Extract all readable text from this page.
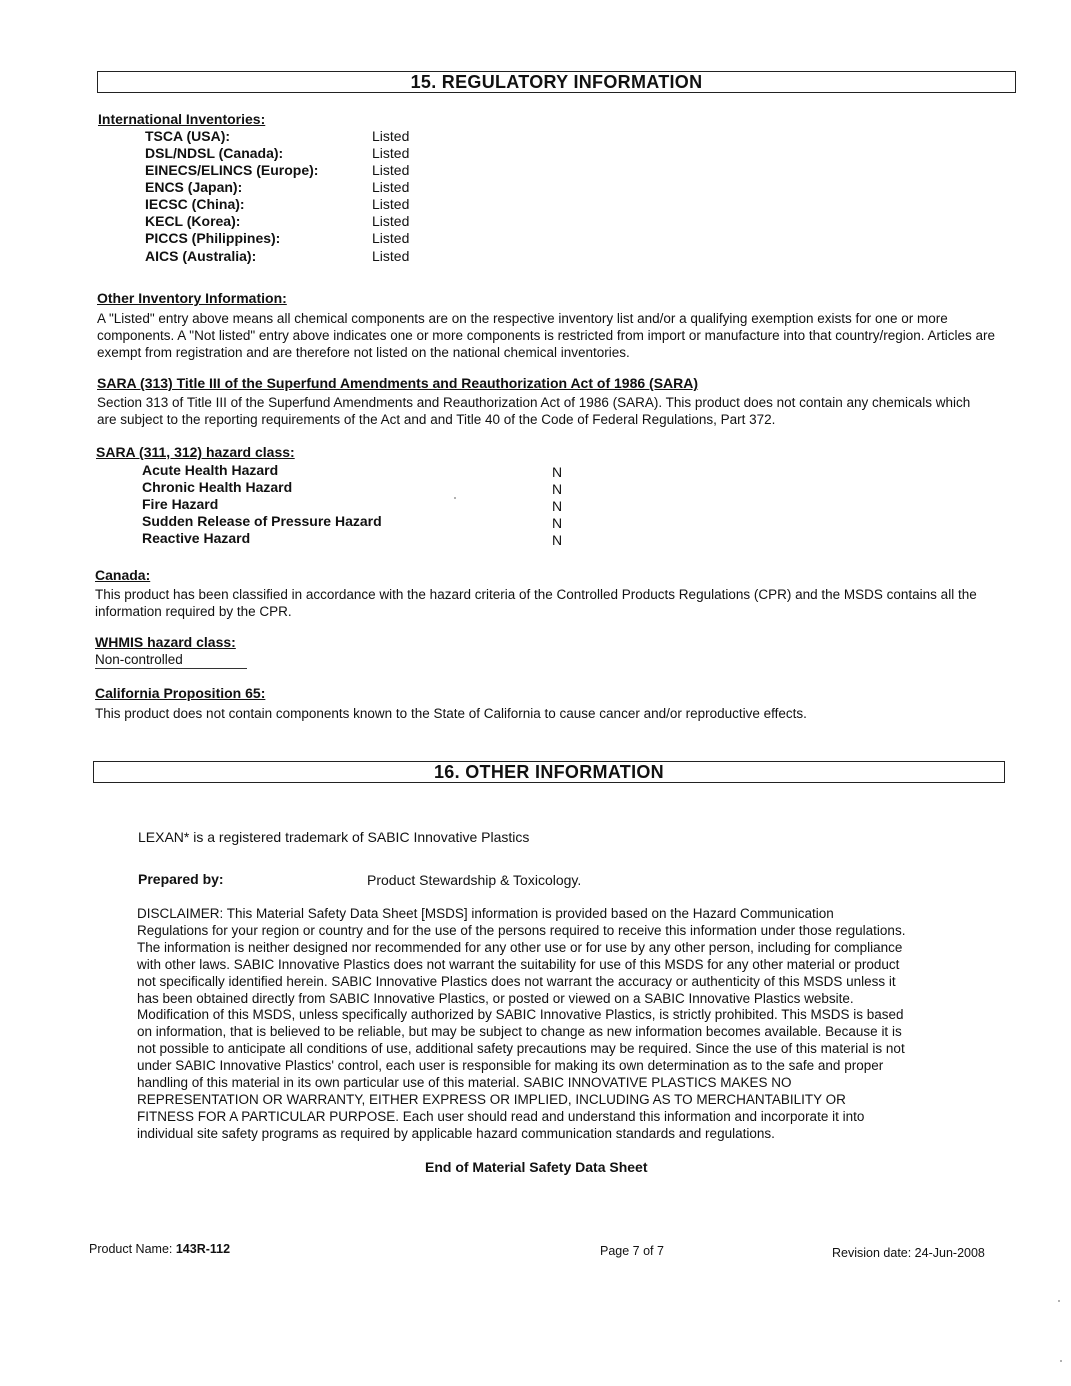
15. REGULATORY INFORMATION
International Inventories:
TSCA (USA):	Listed
DSL/NDSL (Canada):	Listed
EINECS/ELINCS (Europe):	Listed
ENCS (Japan):	Listed
IECSC (China):	Listed
KECL (Korea):	Listed
PICCS (Philippines):	Listed
AICS (Australia):	Listed
Other Inventory Information:
A "Listed" entry above means all chemical components are on the respective inventory list and/or a qualifying exemption exists for one or more components. A "Not listed" entry above indicates one or more components is restricted from import or manufacture into that country/region. Articles are exempt from registration and are therefore not listed on the national chemical inventories.
SARA (313) Title III of the Superfund Amendments and Reauthorization Act of 1986 (SARA)
Section 313 of Title III of the Superfund Amendments and Reauthorization Act of 1986 (SARA). This product does not contain any chemicals which are subject to the reporting requirements of the Act and and Title 40 of the Code of Federal Regulations, Part 372.
SARA (311, 312) hazard class:
Acute Health Hazard	N
Chronic Health Hazard	N
Fire Hazard	N
Sudden Release of Pressure Hazard	N
Reactive Hazard	N
Canada:
This product has been classified in accordance with the hazard criteria of the Controlled Products Regulations (CPR) and the MSDS contains all the information required by the CPR.
WHMIS hazard class:
Non-controlled
California Proposition 65:
This product does not contain components known to the State of California to cause cancer and/or reproductive effects.
16. OTHER INFORMATION
LEXAN* is a registered trademark of SABIC Innovative Plastics
Prepared by:	Product Stewardship & Toxicology.
DISCLAIMER: This Material Safety Data Sheet [MSDS] information is provided based on the Hazard Communication
Regulations for your region or country and for the use of the persons required to receive this information under those regulations.
The information is neither designed nor recommended for any other use or for use by any other person, including for compliance
with other laws. SABIC Innovative Plastics does not warrant the suitability for use of this MSDS for any other material or product
not specifically identified herein. SABIC Innovative Plastics does not warrant the accuracy or authenticity of this MSDS unless it
has been obtained directly from SABIC Innovative Plastics, or posted or viewed on a SABIC Innovative Plastics website.
Modification of this MSDS, unless specifically authorized by SABIC Innovative Plastics, is strictly prohibited. This MSDS is based
on information, that is believed to be reliable, but may be subject to change as new information becomes available. Because it is
not possible to anticipate all conditions of use, additional safety precautions may be required. Since the use of this material is not
under SABIC Innovative Plastics' control, each user is responsible for making its own determination as to the safe and proper
handling of this material in its own particular use of this material. SABIC INNOVATIVE PLASTICS MAKES NO
REPRESENTATION OR WARRANTY, EITHER EXPRESS OR IMPLIED, INCLUDING AS TO MERCHANTABILITY OR
FITNESS FOR A PARTICULAR PURPOSE. Each user should read and understand this information and incorporate it into
individual site safety programs as required by applicable hazard communication standards and regulations.
End of Material Safety Data Sheet
Product Name: 143R-112	Page 7 of 7	Revision date: 24-Jun-2008
